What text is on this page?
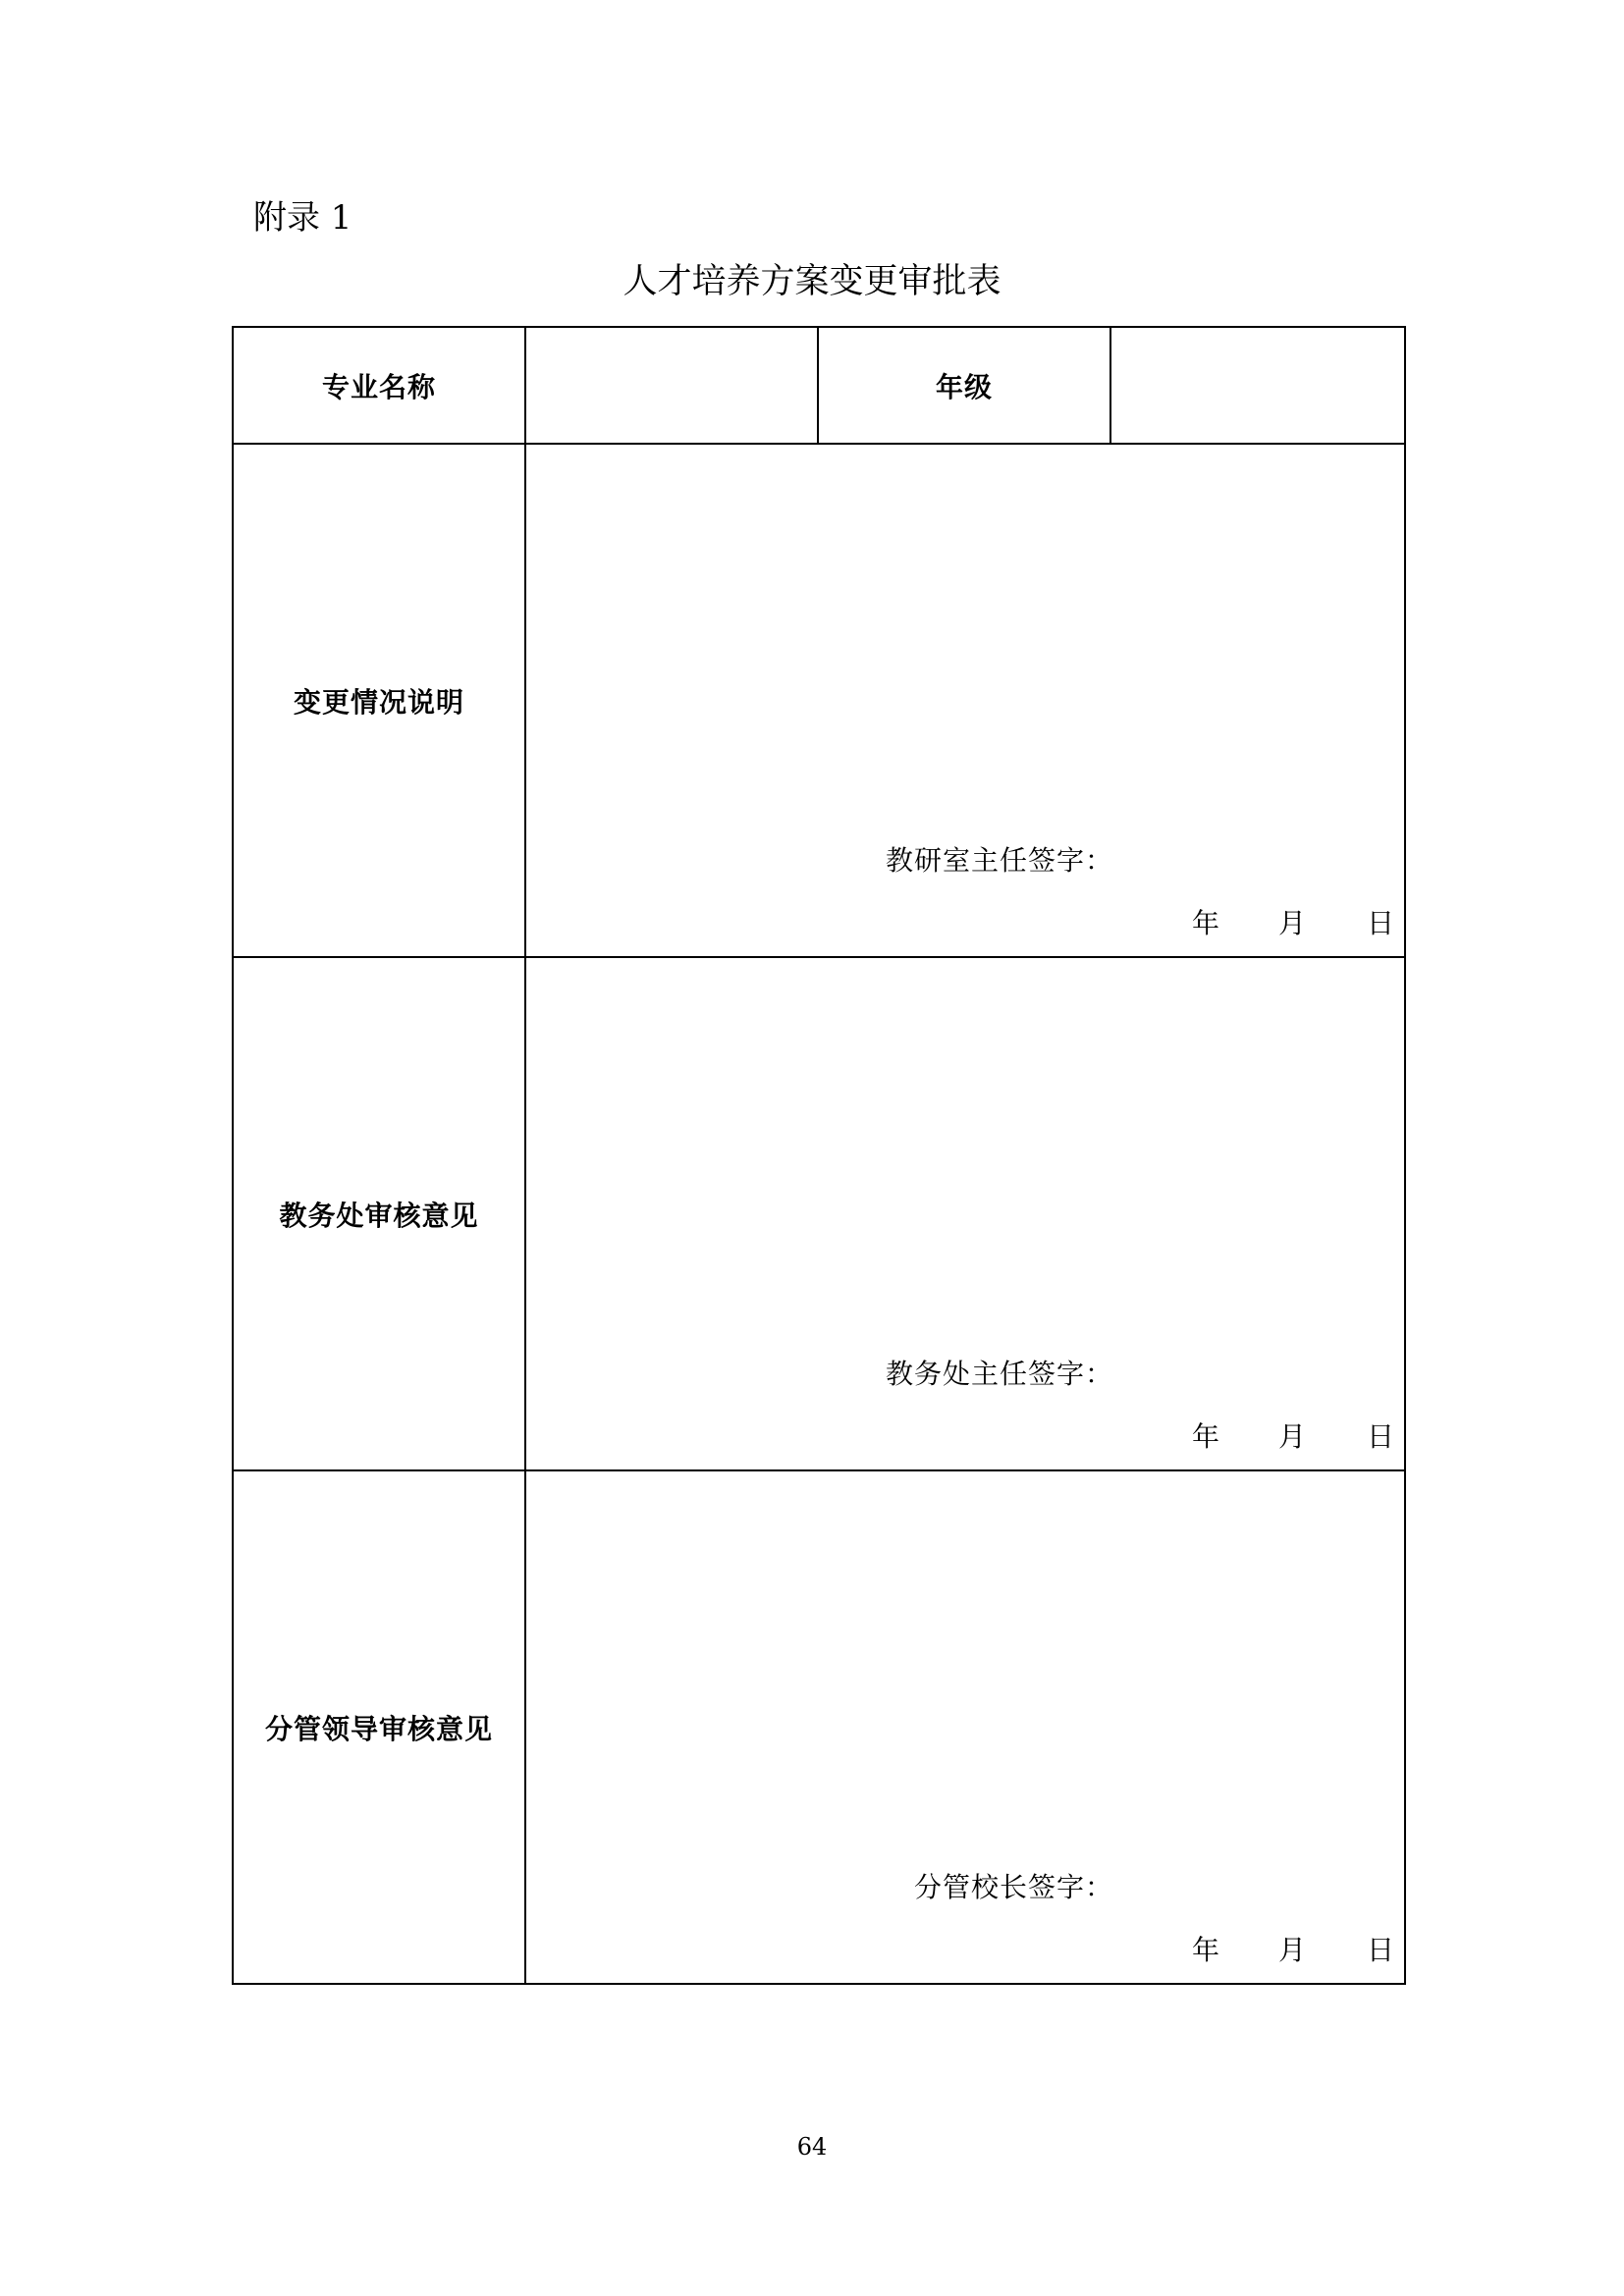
附录 1
人才培养方案变更审批表
专业名称		年级	
变更情况说明	教研室主任签字：
年 月 日		

教务处审核意见	教务处主任签字：
年 月 日		

分管领导审核意见	分管校长签字：
年 月 日		
64
